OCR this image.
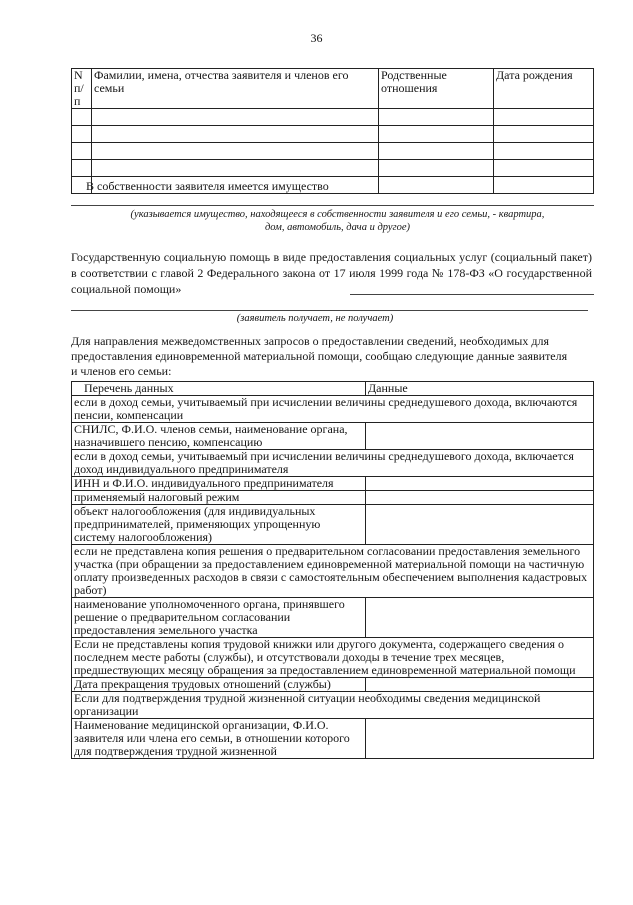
36
N п/п	Фамилии, имена, отчества заявителя и членов его семьи	Родственные отношения	Дата рождения

В собственности заявителя имеется имущество
(указывается имущество, находящееся в собственности заявителя и его семьи, - квартира, дом, автомобиль, дача и другое)
Государственную социальную помощь в виде предоставления социальных услуг (социальный пакет) в соответствии с главой 2 Федерального закона от 17 июля 1999 года № 178-ФЗ «О государственной социальной помощи»
(заявитель получает, не получает)
Для направления межведомственных запросов о предоставлении сведений, необходимых для предоставления единовременной материальной помощи, сообщаю следующие данные заявителя и членов его семьи:
Перечень данных	Данные
если в доход семьи, учитываемый при исчислении величины среднедушевого дохода, включаются пенсии, компенсации	
СНИЛС, Ф.И.О. членов семьи, наименование органа, назначившего пенсию, компенсацию	
если в доход семьи, учитываемый при исчислении величины среднедушевого дохода, включается доход индивидуального предпринимателя	
ИНН и Ф.И.О. индивидуального предпринимателя	
применяемый налоговый режим	
объект налогообложения (для индивидуальных предпринимателей, применяющих упрощенную систему налогообложения)	
если не представлена копия решения о предварительном согласовании предоставления земельного участка (при обращении за предоставлением единовременной материальной помощи на частичную оплату произведенных расходов в связи с самостоятельным обеспечением выполнения кадастровых работ)	
наименование уполномоченного органа, принявшего решение о предварительном согласовании предоставления земельного участка	
Если не представлены копия трудовой книжки или другого документа, содержащего сведения о последнем месте работы (службы), и отсутствовали доходы в течение трех месяцев, предшествующих месяцу обращения за предоставлением единовременной материальной помощи	
Дата прекращения трудовых отношений (службы)	
Если для подтверждения трудной жизненной ситуации необходимы сведения медицинской организации	
Наименование медицинской организации, Ф.И.О. заявителя или члена его семьи, в отношении которого для подтверждения трудной жизненной	
